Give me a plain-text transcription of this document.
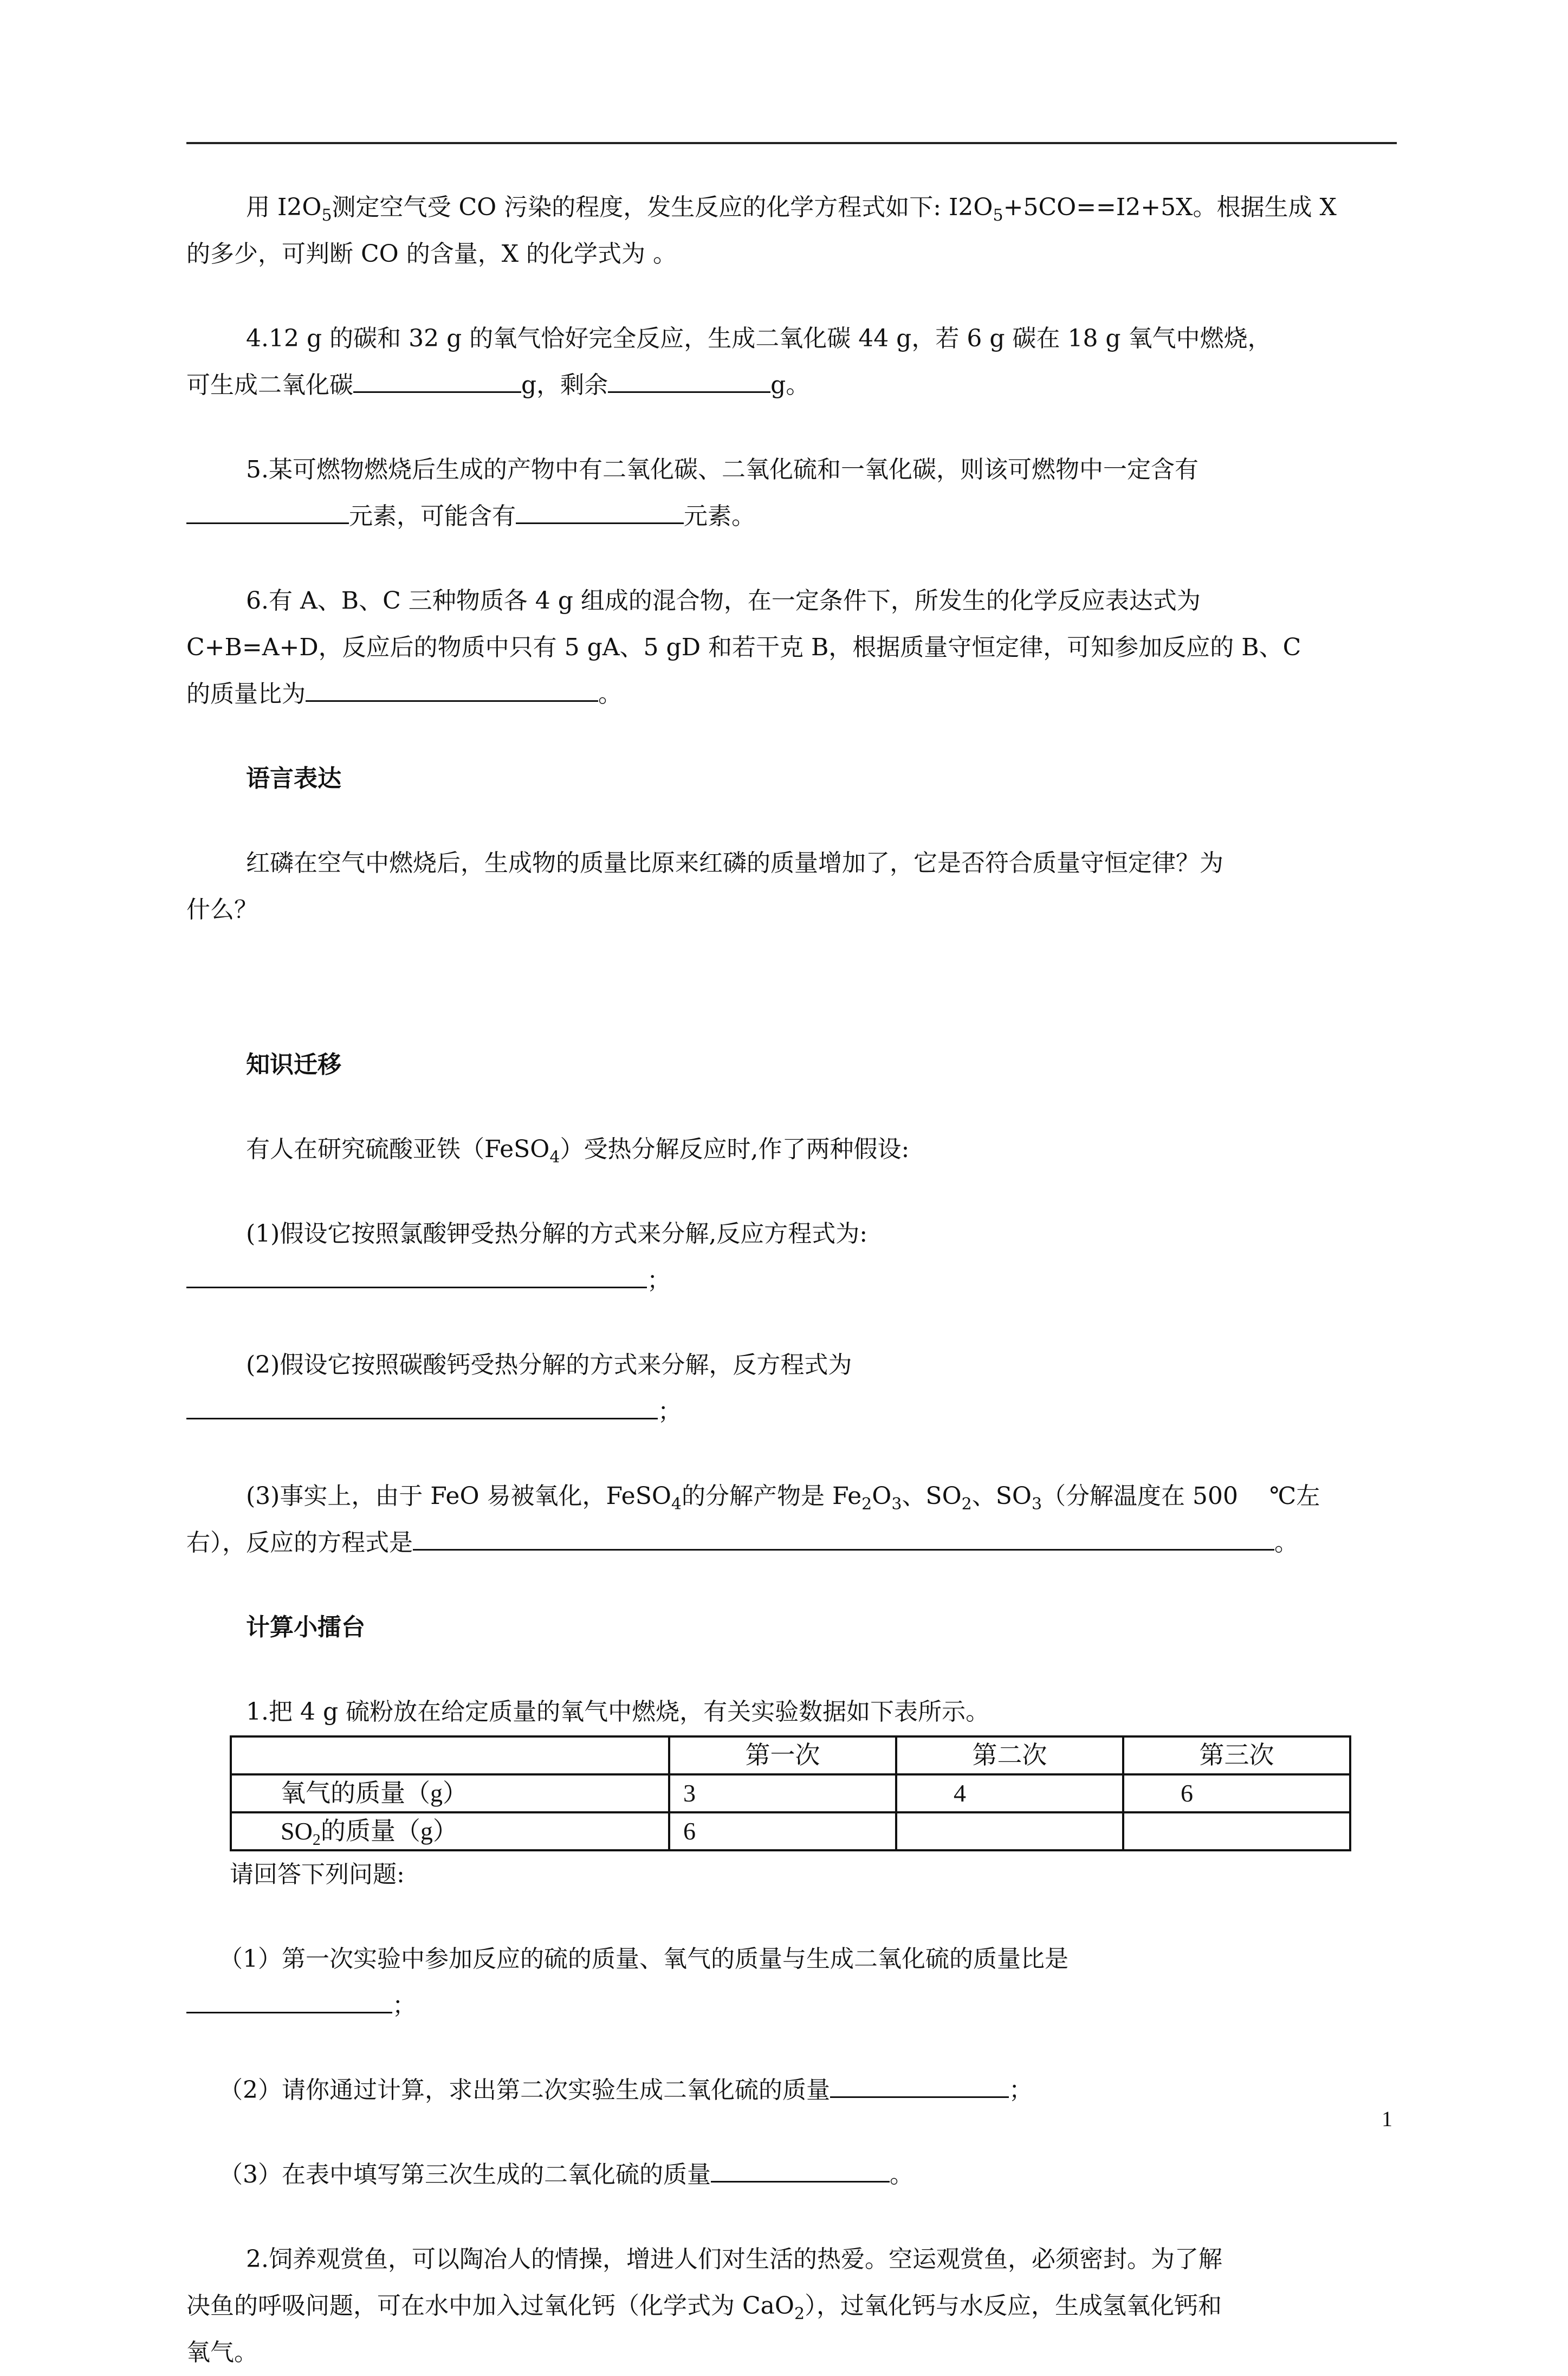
用 $I2O_5$测定空气受 CO 污染的程度，发生反应的化学方程式如下: $I2O_5+5CO==I2+5X$。根据生成 X

的多少，可判断 CO 的含量，X 的化学式为 。

4.12 g 的碳和 32 g 的氧气恰好完全反应，生成二氧化碳 44 g，若 6 g 碳在 18 g 氧气中燃烧，

可生成二氧化碳	g，剩余	g。

5.某可燃物燃烧后生成的产物中有二氧化碳、二氧化硫和一氧化碳，则该可燃物中一定含有

元素，可能含有	元素。

6.有 A、B、C 三种物质各 4 g 组成的混合物，在一定条件下，所发生的化学反应表达式为

C+B=A+D，反应后的物质中只有 5 gA、5 gD 和若干克 B，根据质量守恒定律，可知参加反应的 B、C

的质量比为	。

语言表达

红磷在空气中燃烧后，生成物的质量比原来红磷的质量增加了，它是否符合质量守恒定律？为

什么？

知识迁移

有人在研究硫酸亚铁（FeSO$_4$）受热分解反应时,作了两种假设:

(1)假设它按照氯酸钾受热分解的方式来分解,反应方程式为:

；

(2)假设它按照碳酸钙受热分解的方式来分解，反方程式为

；

(3)事实上，由于 FeO 易被氧化，FeSO$_4$的分解产物是 $Fe_2O_3$、$SO_2$、$SO_3$（分解温度在 500　 ℃左

右），反应的方程式是	。

计算小擂台

1.把 4 g 硫粉放在给定质量的氧气中燃烧，有关实验数据如下表所示。

	第一次	第二次	第三次
氧气的质量（g）	3	4	6
$SO_2$的质量（g）	6		

请回答下列问题:

（1）第一次实验中参加反应的硫的质量、氧气的质量与生成二氧化硫的质量比是

；

（2）请你通过计算，求出第二次实验生成二氧化硫的质量	；

（3）在表中填写第三次生成的二氧化硫的质量	。

2.饲养观赏鱼，可以陶冶人的情操，增进人们对生活的热爱。空运观赏鱼，必须密封。为了解

决鱼的呼吸问题，可在水中加入过氧化钙（化学式为 CaO$_2$），过氧化钙与水反应，生成氢氧化钙和

氧气。

1
